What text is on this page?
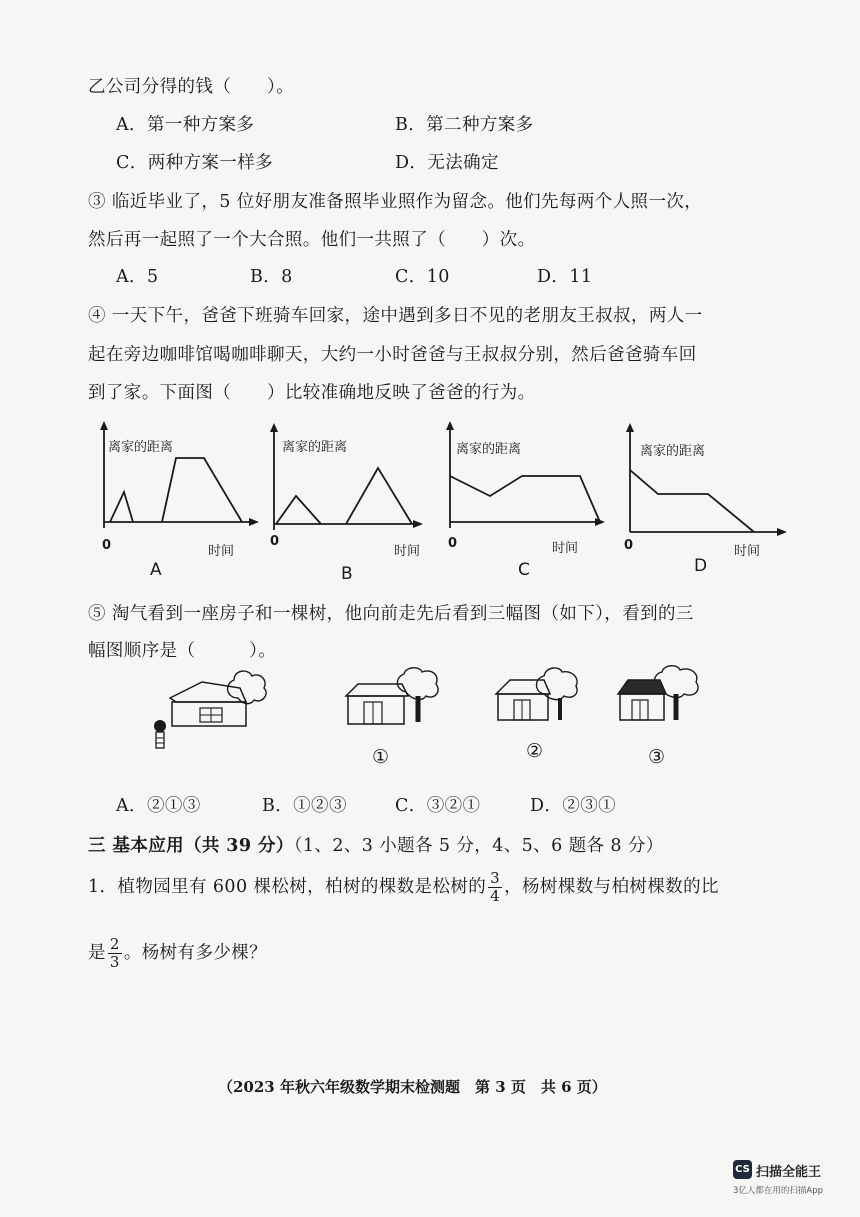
乙公司分得的钱（　　）。
A．第一种方案多	B．第二种方案多
C．两种方案一样多	D．无法确定
③ 临近毕业了，5 位好朋友准备照毕业照作为留念。他们先每两个人照一次，
然后再一起照了一个大合照。他们一共照了（　　）次。
A．5	B．8	C．10	D．11
④ 一天下午，爸爸下班骑车回家，途中遇到多日不见的老朋友王叔叔，两人一
起在旁边咖啡馆喝咖啡聊天，大约一小时爸爸与王叔叔分别，然后爸爸骑车回
到了家。下面图（　　）比较准确地反映了爸爸的行为。
离家的距离
0	时间
A
离家的距离
0
时间
B
离家的距离
0	时间
C
离家的距离
0	时间
D
⑤ 淘气看到一座房子和一棵树，他向前走先后看到三幅图（如下），看到的三
幅图顺序是（　　　）。
①	②	③
A．②①③	B．①②③	C．③②①	D．②③①
三 基本应用（共 39 分）（1、2、3 小题各 5 分，4、5、6 题各 8 分）
1．植物园里有 600 棵松树，柏树的棵数是松树的 $\frac{3}{4}$ ，杨树棵数与柏树棵数的比
是 $\frac{2}{3}$ 。杨树有多少棵？
（2023 年秋六年级数学期末检测题　第 3 页　共 6 页）
CS 扫描全能王
3亿人都在用的扫描App
